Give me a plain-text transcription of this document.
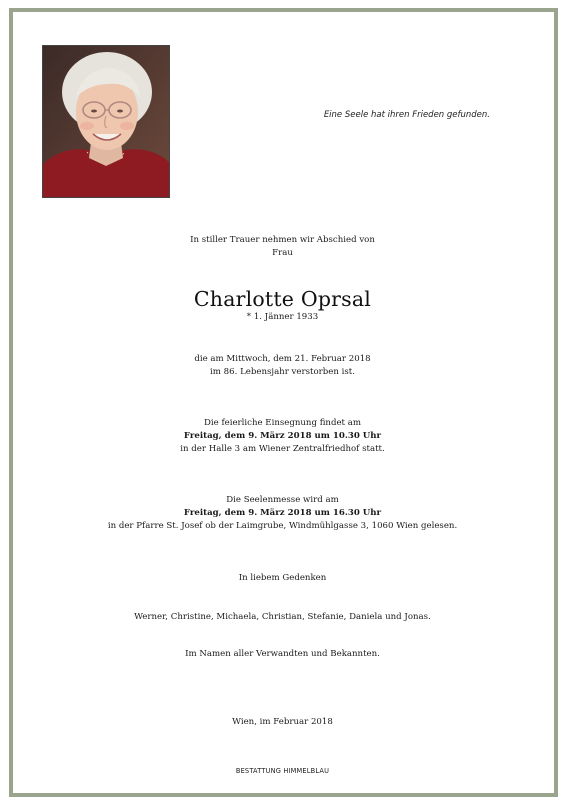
Eine Seele hat ihren Frieden gefunden.
In stiller Trauer nehmen wir Abschied von
Frau
Charlotte Oprsal
* 1. Jänner 1933
die am Mittwoch, dem 21. Februar 2018
im 86. Lebensjahr verstorben ist.
Die feierliche Einsegnung findet am
Freitag, dem 9. März 2018 um 10.30 Uhr
in der Halle 3 am Wiener Zentralfriedhof statt.
Die Seelenmesse wird am
Freitag, dem 9. März 2018 um 16.30 Uhr
in der Pfarre St. Josef ob der Laimgrube, Windmühlgasse 3, 1060 Wien gelesen.
In liebem Gedenken
Werner, Christine, Michaela, Christian, Stefanie, Daniela und Jonas.
Im Namen aller Verwandten und Bekannten.
Wien, im Februar 2018
BESTATTUNG HIMMELBLAU
